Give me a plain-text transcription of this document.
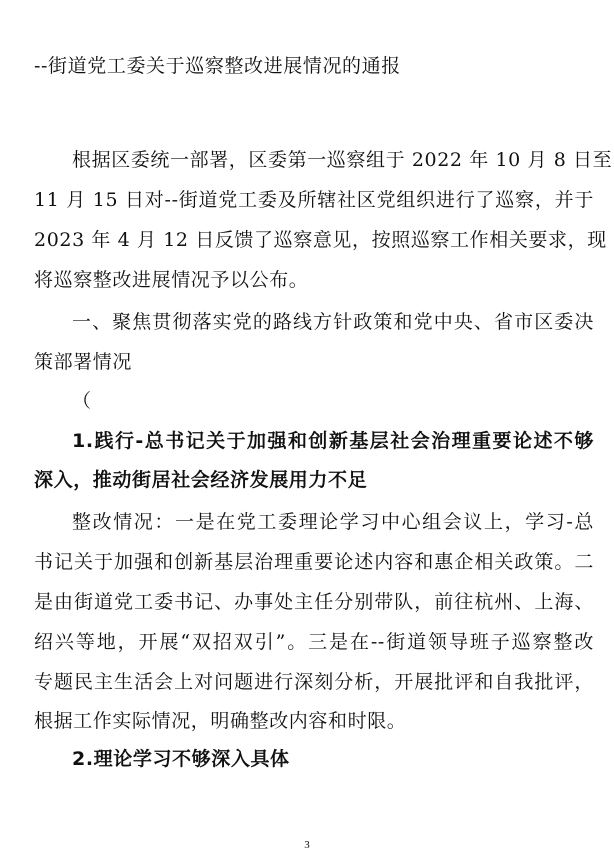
--街道党工委关于巡察整改进展情况的通报
根据区委统一部署，区委第一巡察组于 2022 年 10 月 8 日至
11 月 15 日对--街道党工委及所辖社区党组织进行了巡察，并于
2023 年 4 月 12 日反馈了巡察意见，按照巡察工作相关要求，现
将巡察整改进展情况予以公布。
一、聚焦贯彻落实党的路线方针政策和党中央、省市区委决
策部署情况
（
1.践行-总书记关于加强和创新基层社会治理重要论述不够
深入，推动街居社会经济发展用力不足
整改情况：一是在党工委理论学习中心组会议上，学习-总
书记关于加强和创新基层治理重要论述内容和惠企相关政策。二
是由街道党工委书记、办事处主任分别带队，前往杭州、上海、
绍兴等地，开展“双招双引”。三是在--街道领导班子巡察整改
专题民主生活会上对问题进行深刻分析，开展批评和自我批评，
根据工作实际情况，明确整改内容和时限。
2.理论学习不够深入具体
3
